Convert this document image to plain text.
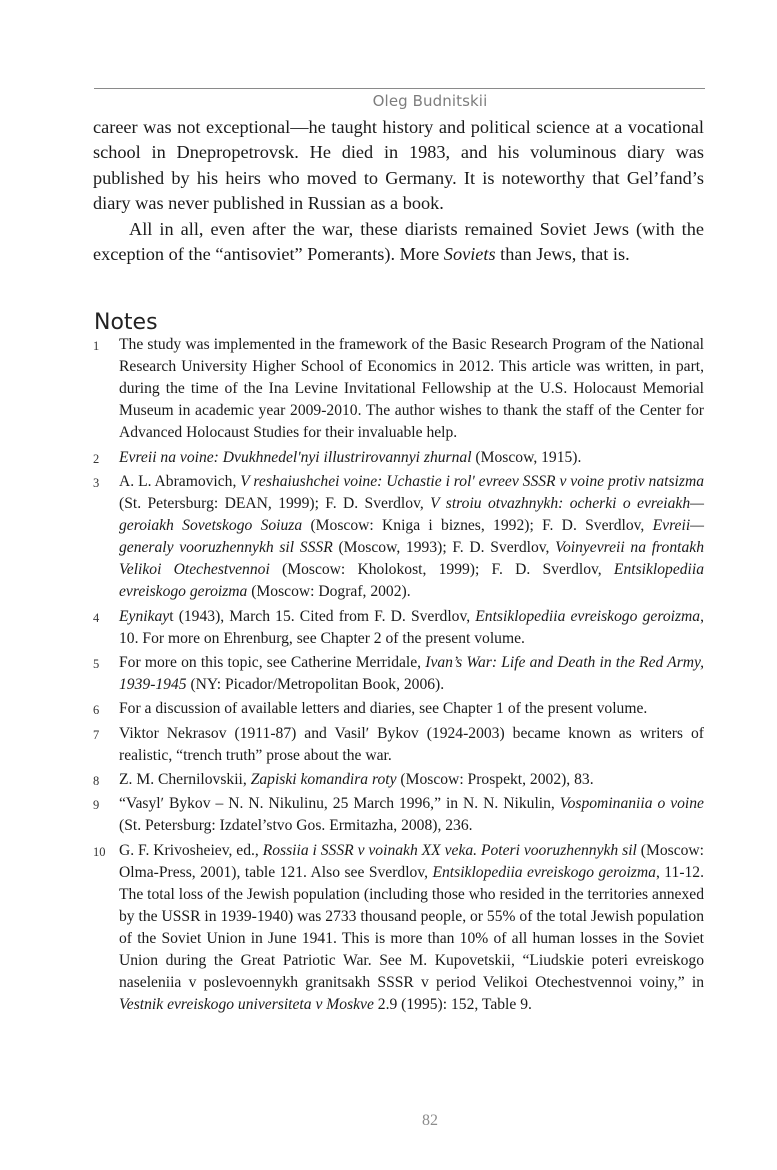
Oleg Budnitskii

career was not exceptional—he taught history and political science at a vocational school in Dnepropetrovsk. He died in 1983, and his voluminous diary was published by his heirs who moved to Germany. It is noteworthy that Gel’fand’s diary was never published in Russian as a book.

All in all, even after the war, these diarists remained Soviet Jews (with the exception of the “antisoviet” Pomerants). More Soviets than Jews, that is.

Notes
1 The study was implemented in the framework of the Basic Research Program of the National Research University Higher School of Economics in 2012. This article was written, in part, during the time of the Ina Levine Invitational Fellowship at the U.S. Holocaust Memorial Museum in academic year 2009-2010. The author wishes to thank the staff of the Center for Advanced Holocaust Studies for their invaluable help.
2 Evreii na voine: Dvukhnedelʹnyi illustrirovannyi zhurnal (Moscow, 1915).
3 A. L. Abramovich, V reshaiushchei voine: Uchastie i rolʹ evreev SSSR v voine protiv natsizma (St. Petersburg: DEAN, 1999); F. D. Sverdlov, V stroiu otvazhnykh: ocherki o evreiakh—geroiakh Sovetskogo Soiuza (Moscow: Kniga i biznes, 1992); F. D. Sverdlov, Evreii—generaly vooruzhennykh sil SSSR (Moscow, 1993); F. D. Sverdlov, Voinyevreii na frontakh Velikoi Otechestvennoi (Moscow: Kholokost, 1999); F. D. Sverdlov, Entsiklopediia evreiskogo geroizma (Moscow: Dograf, 2002).
4 Eynikayt (1943), March 15. Cited from F. D. Sverdlov, Entsiklopediia evreiskogo geroizma, 10. For more on Ehrenburg, see Chapter 2 of the present volume.
5 For more on this topic, see Catherine Merridale, Ivan’s War: Life and Death in the Red Army, 1939-1945 (NY: Picador/Metropolitan Book, 2006).
6 For a discussion of available letters and diaries, see Chapter 1 of the present volume.
7 Viktor Nekrasov (1911-87) and Vasilʹ Bykov (1924-2003) became known as writers of realistic, “trench truth” prose about the war.
8 Z. M. Chernilovskii, Zapiski komandira roty (Moscow: Prospekt, 2002), 83.
9 “Vasylʹ Bykov – N. N. Nikulinu, 25 March 1996,” in N. N. Nikulin, Vospominaniia o voine (St. Petersburg: Izdatel’stvo Gos. Ermitazha, 2008), 236.
10 G. F. Krivosheiev, ed., Rossiia i SSSR v voinakh XX veka. Poteri vooruzhennykh sil (Moscow: Olma-Press, 2001), table 121. Also see Sverdlov, Entsiklopediia evreiskogo geroizma, 11-12. The total loss of the Jewish population (including those who resided in the territories annexed by the USSR in 1939-1940) was 2733 thousand people, or 55% of the total Jewish population of the Soviet Union in June 1941. This is more than 10% of all human losses in the Soviet Union during the Great Patriotic War. See M. Kupovetskii, “Liudskie poteri evreiskogo naseleniia v poslevoennykh granitsakh SSSR v period Velikoi Otechestvennoi voiny,” in Vestnik evreiskogo universiteta v Moskve 2.9 (1995): 152, Table 9.
82
